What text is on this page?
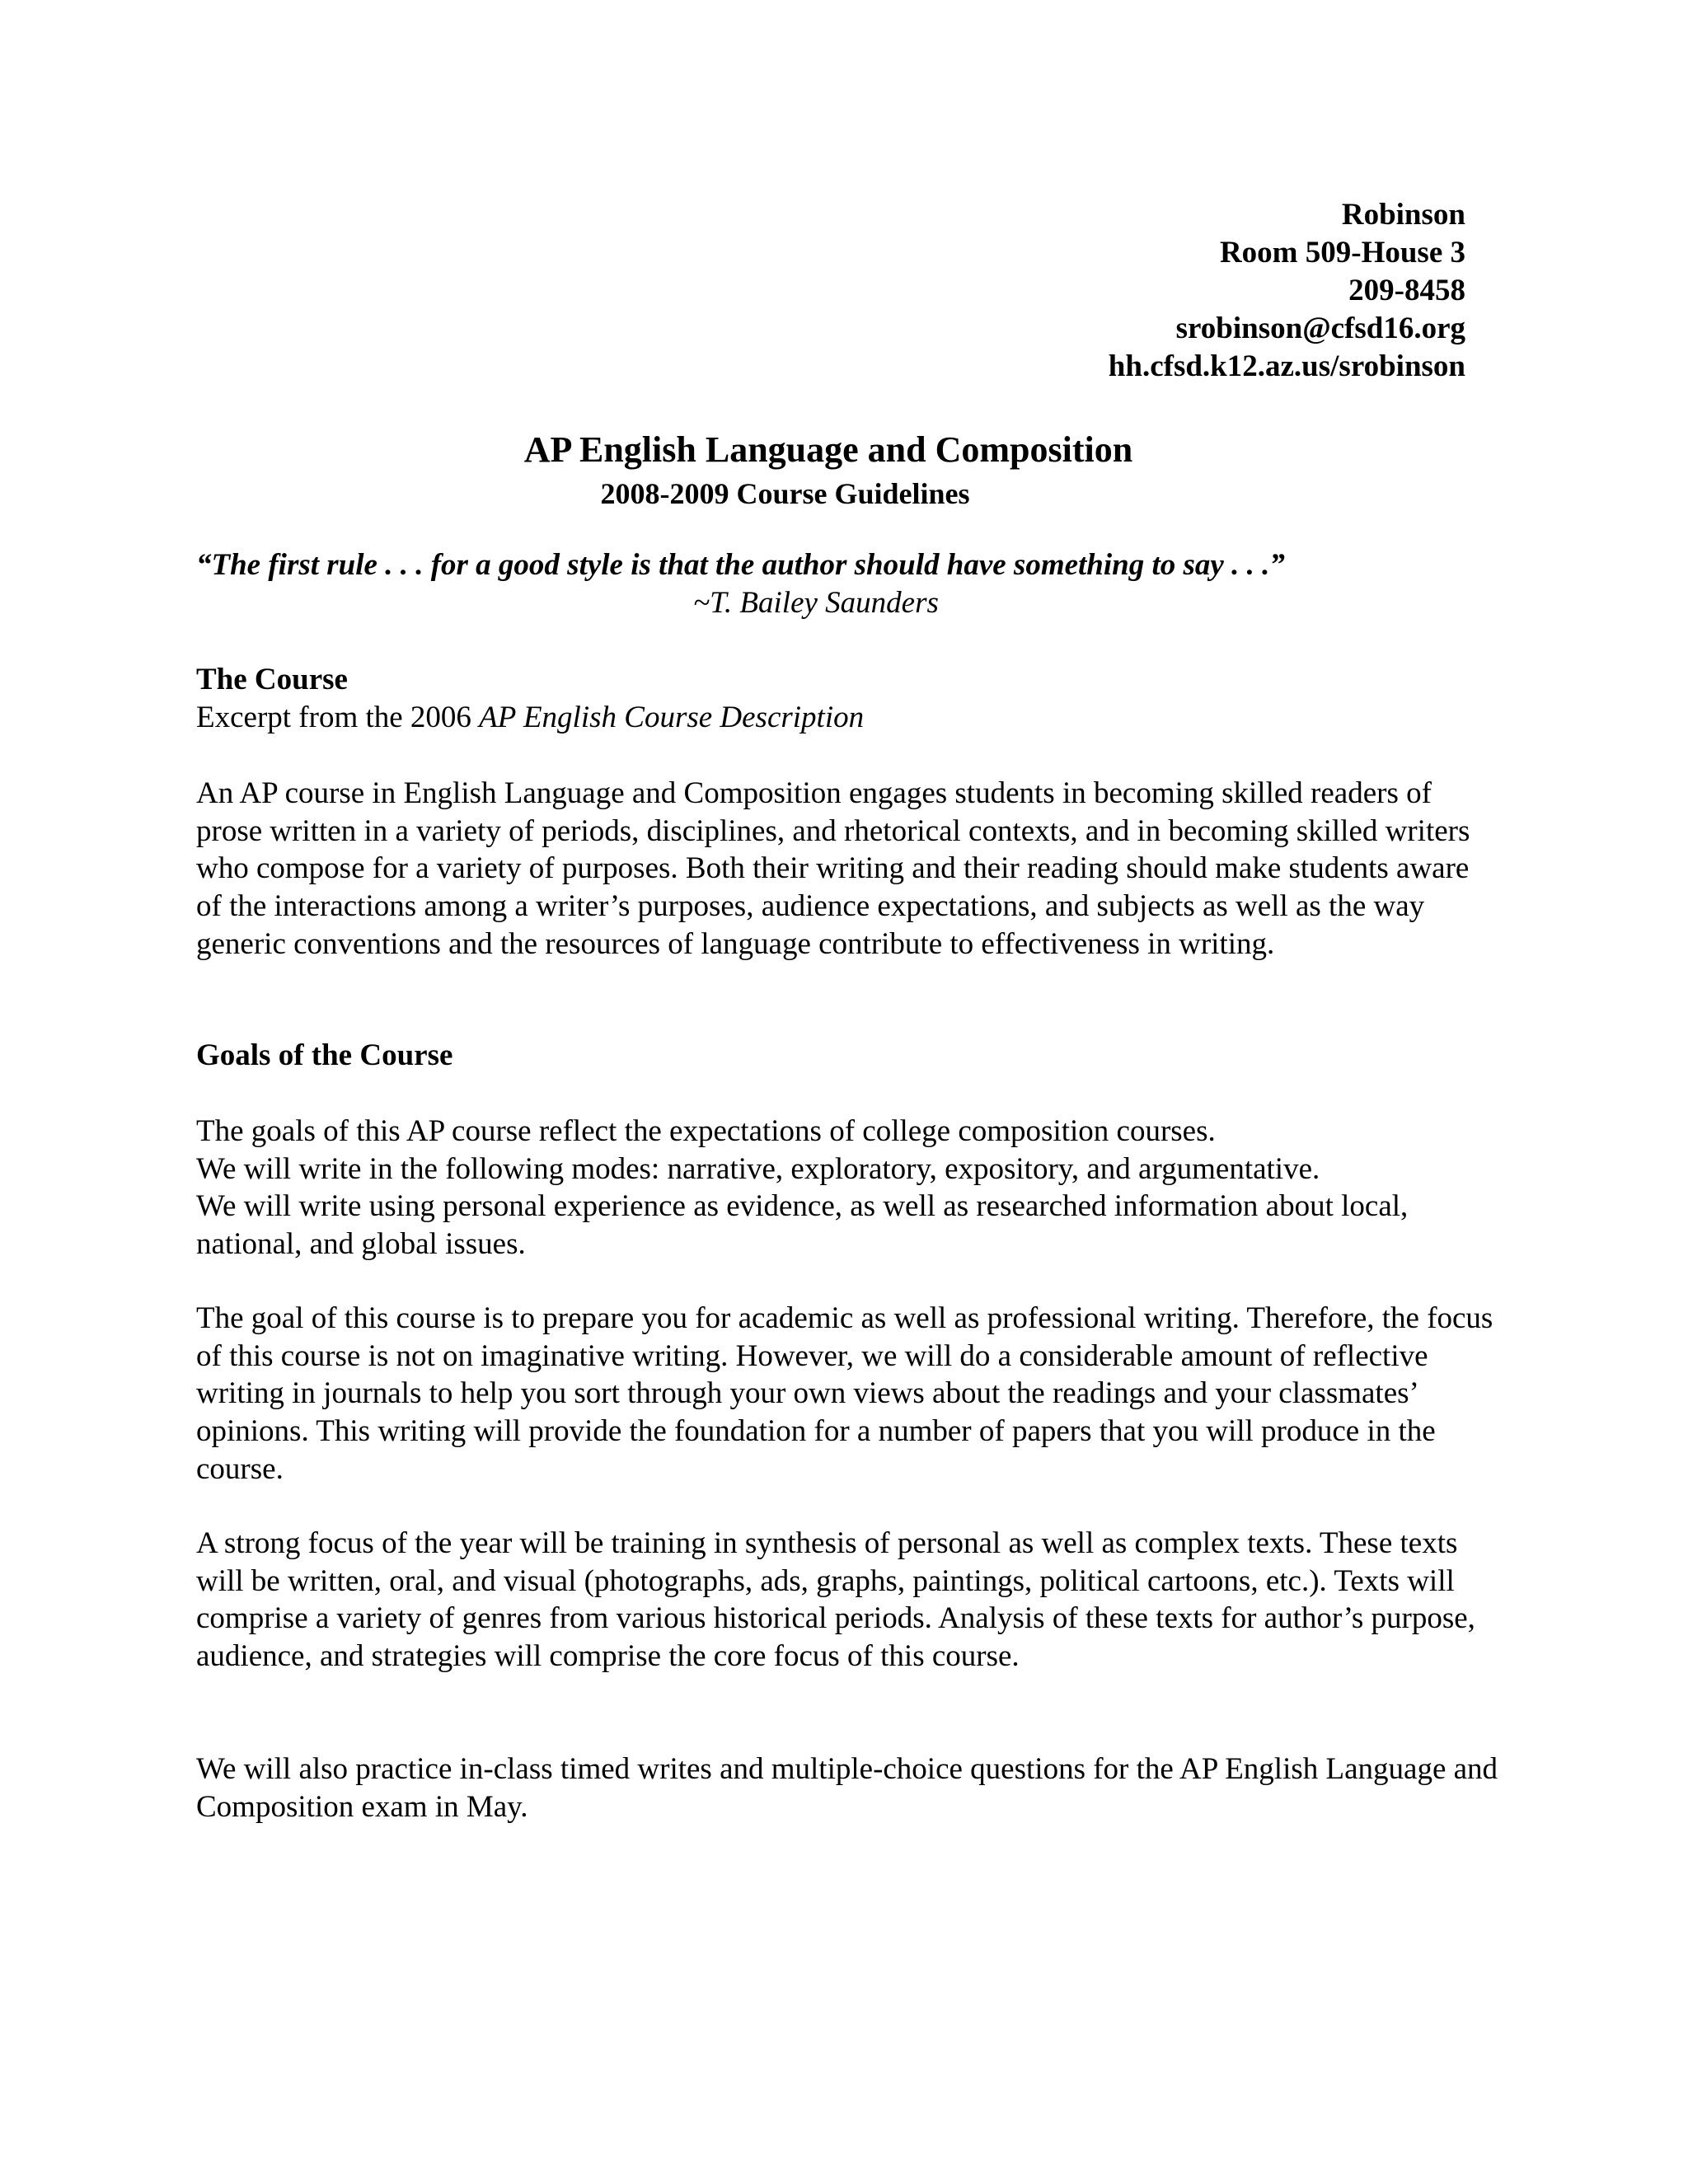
Robinson
Room 509-House 3
209-8458
srobinson@cfsd16.org
hh.cfsd.k12.az.us/srobinson
AP English Language and Composition
2008-2009 Course Guidelines
“The first rule . . . for a good style is that the author should have something to say . . .”
~T. Bailey Saunders
The Course
Excerpt from the 2006 AP English Course Description

An AP course in English Language and Composition engages students in becoming skilled readers of prose written in a variety of periods, disciplines, and rhetorical contexts, and in becoming skilled writers who compose for a variety of purposes. Both their writing and their reading should make students aware of the interactions among a writer’s purposes, audience expectations, and subjects as well as the way generic conventions and the resources of language contribute to effectiveness in writing.

Goals of the Course

The goals of this AP course reflect the expectations of college composition courses.

We will write in the following modes: narrative, exploratory, expository, and argumentative.

We will write using personal experience as evidence, as well as researched information about local, national, and global issues.

The goal of this course is to prepare you for academic as well as professional writing. Therefore, the focus of this course is not on imaginative writing. However, we will do a considerable amount of reflective writing in journals to help you sort through your own views about the readings and your classmates’ opinions. This writing will provide the foundation for a number of papers that you will produce in the course.

A strong focus of the year will be training in synthesis of personal as well as complex texts. These texts will be written, oral, and visual (photographs, ads, graphs, paintings, political cartoons, etc.). Texts will comprise a variety of genres from various historical periods. Analysis of these texts for author’s purpose, audience, and strategies will comprise the core focus of this course.

We will also practice in-class timed writes and multiple-choice questions for the AP English Language and Composition exam in May.
